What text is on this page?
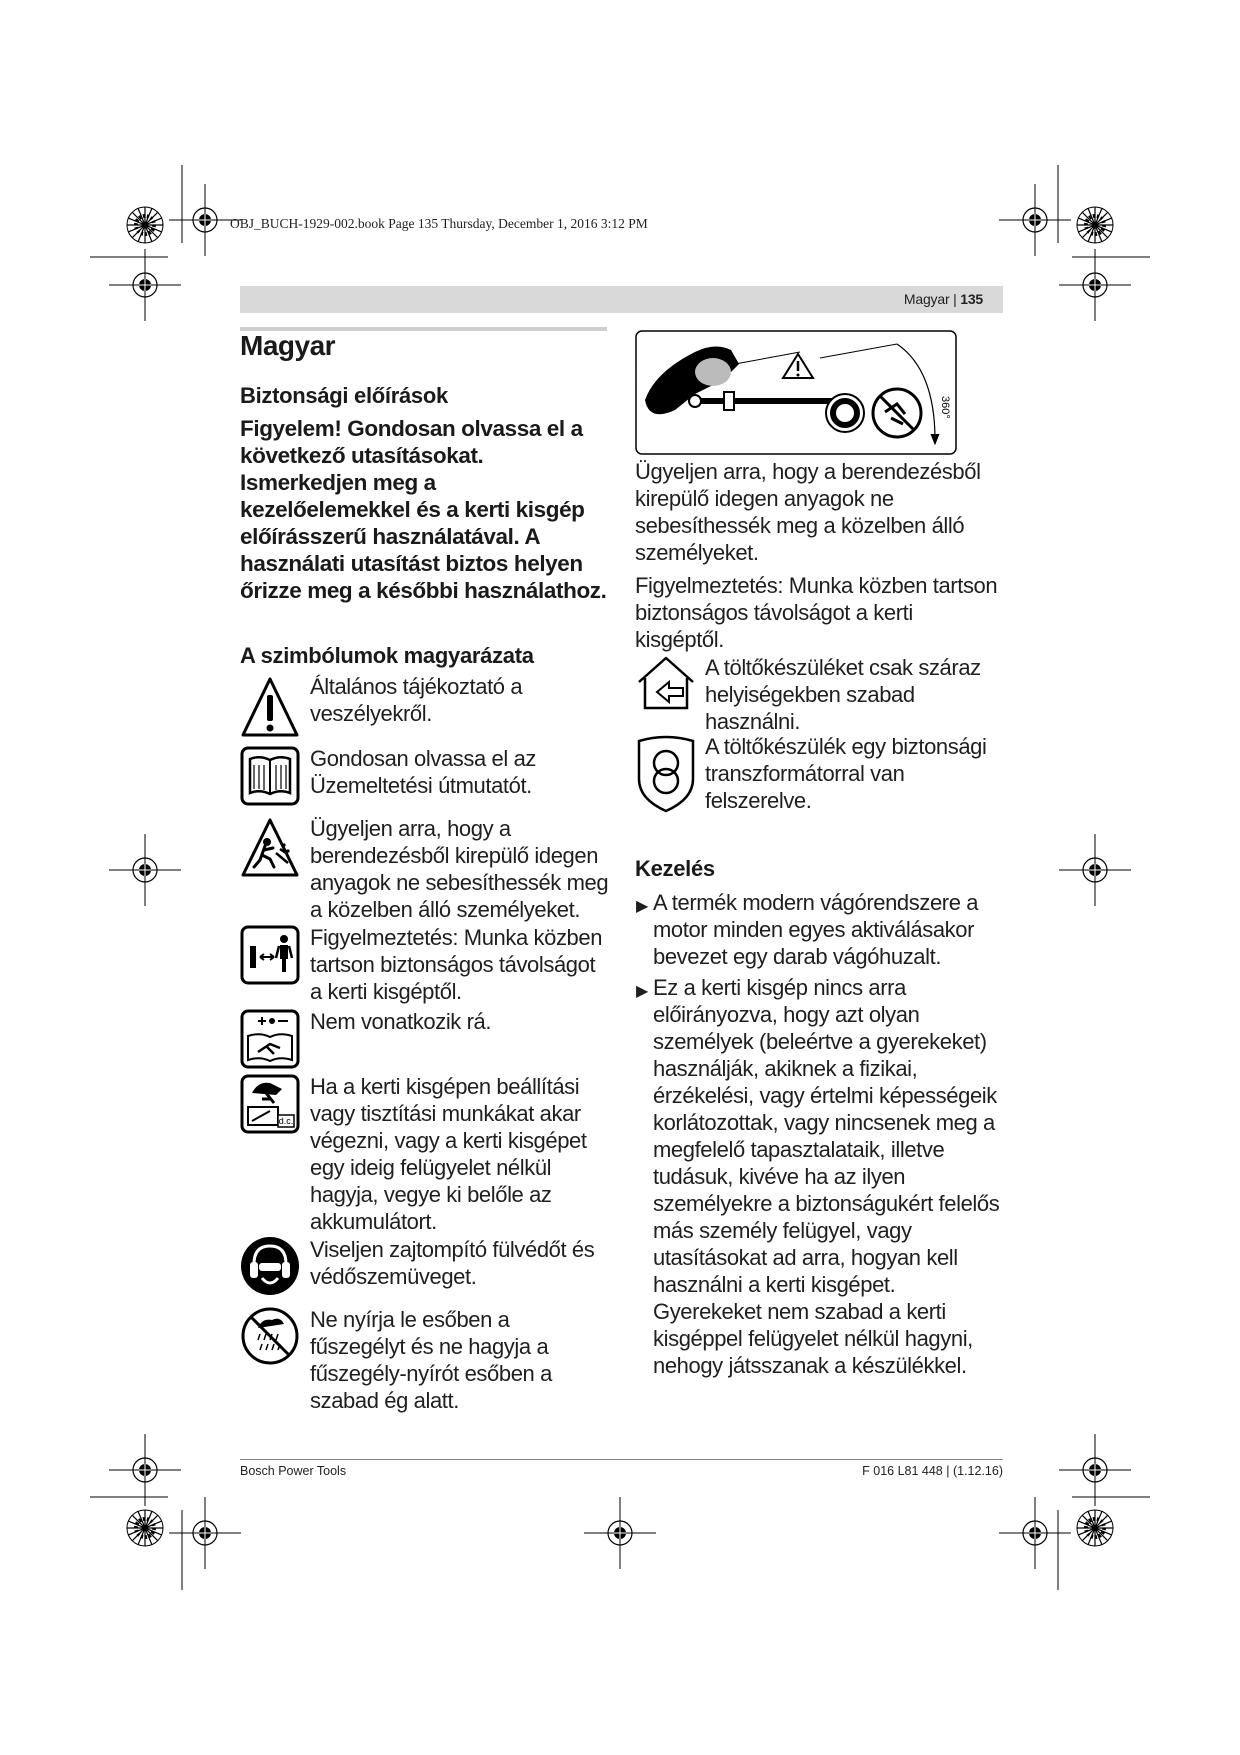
OBJ_BUCH-1929-002.book Page 135 Thursday, December 1, 2016 3:12 PM
Magyar | 135
Magyar
Biztonsági előírások
Figyelem! Gondosan olvassa el a következő utasításokat. Ismerkedjen meg a kezelőelemekkel és a kerti kisgép előírásszerű használatával. A használati utasítást biztos helyen őrizze meg a későbbi használathoz.
A szimbólumok magyarázata
Általános tájékoztató a veszélyekről.
Gondosan olvassa el az Üzemeltetési útmutatót.
Ügyeljen arra, hogy a berendezésből kirepülő idegen anyagok ne sebesíthessék meg a közelben álló személyeket.
Figyelmeztetés: Munka közben tartson biztonságos távolságot a kerti kisgéptől.
Nem vonatkozik rá.
d.c.
Ha a kerti kisgépen beállítási vagy tisztítási munkákat akar végezni, vagy a kerti kisgépet egy ideig felügyelet nélkül hagyja, vegye ki belőle az akkumulátort.
Viseljen zajtompító fülvédőt és védőszemüveget.
Ne nyírja le esőben a fűszegélyt és ne hagyja a fűszegély-nyírót esőben a szabad ég alatt.
360°
Ügyeljen arra, hogy a berendezésből kirepülő idegen anyagok ne sebesíthessék meg a közelben álló személyeket.
Figyelmeztetés: Munka közben tartson biztonságos távolságot a kerti kisgéptől.
A töltőkészüléket csak száraz helyiségekben szabad használni.
A töltőkészülék egy biztonsági transzformátorral van felszerelve.
Kezelés
▶ A termék modern vágórendszere a motor minden egyes aktiválásakor bevezet egy darab vágóhuzalt.
▶ Ez a kerti kisgép nincs arra előirányozva, hogy azt olyan személyek (beleértve a gyerekeket) használják, akiknek a fizikai, érzékelési, vagy értelmi képességeik korlátozottak, vagy nincsenek meg a megfelelő tapasztalataik, illetve tudásuk, kivéve ha az ilyen személyekre a biztonságukért felelős más személy felügyel, vagy utasításokat ad arra, hogyan kell használni a kerti kisgépet. Gyerekeket nem szabad a kerti kisgéppel felügyelet nélkül hagyni, nehogy játsszanak a készülékkel.
Bosch Power Tools	F 016 L81 448 | (1.12.16)
